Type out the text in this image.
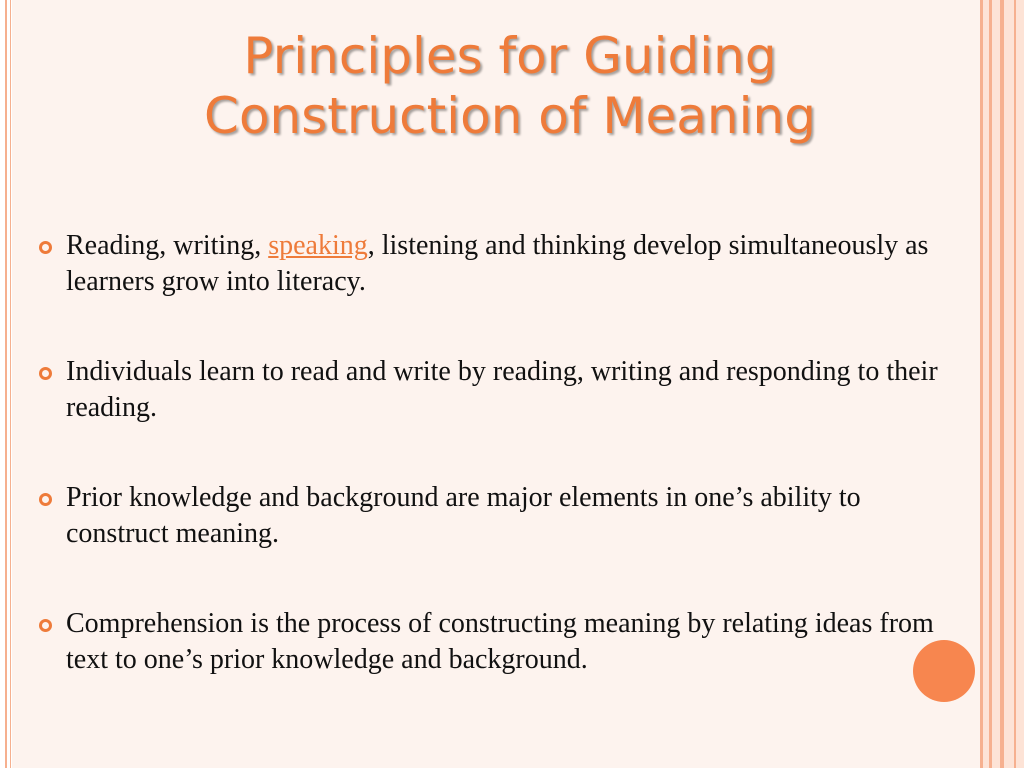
Principles for Guiding
Construction of Meaning
Reading, writing, speaking, listening and thinking develop simultaneously as learners grow into literacy.
Individuals learn to read and write by reading, writing and responding to their reading.
Prior knowledge and background are major elements in one’s ability to construct meaning.
Comprehension is the process of constructing meaning by relating ideas from text to one’s prior knowledge and background.
